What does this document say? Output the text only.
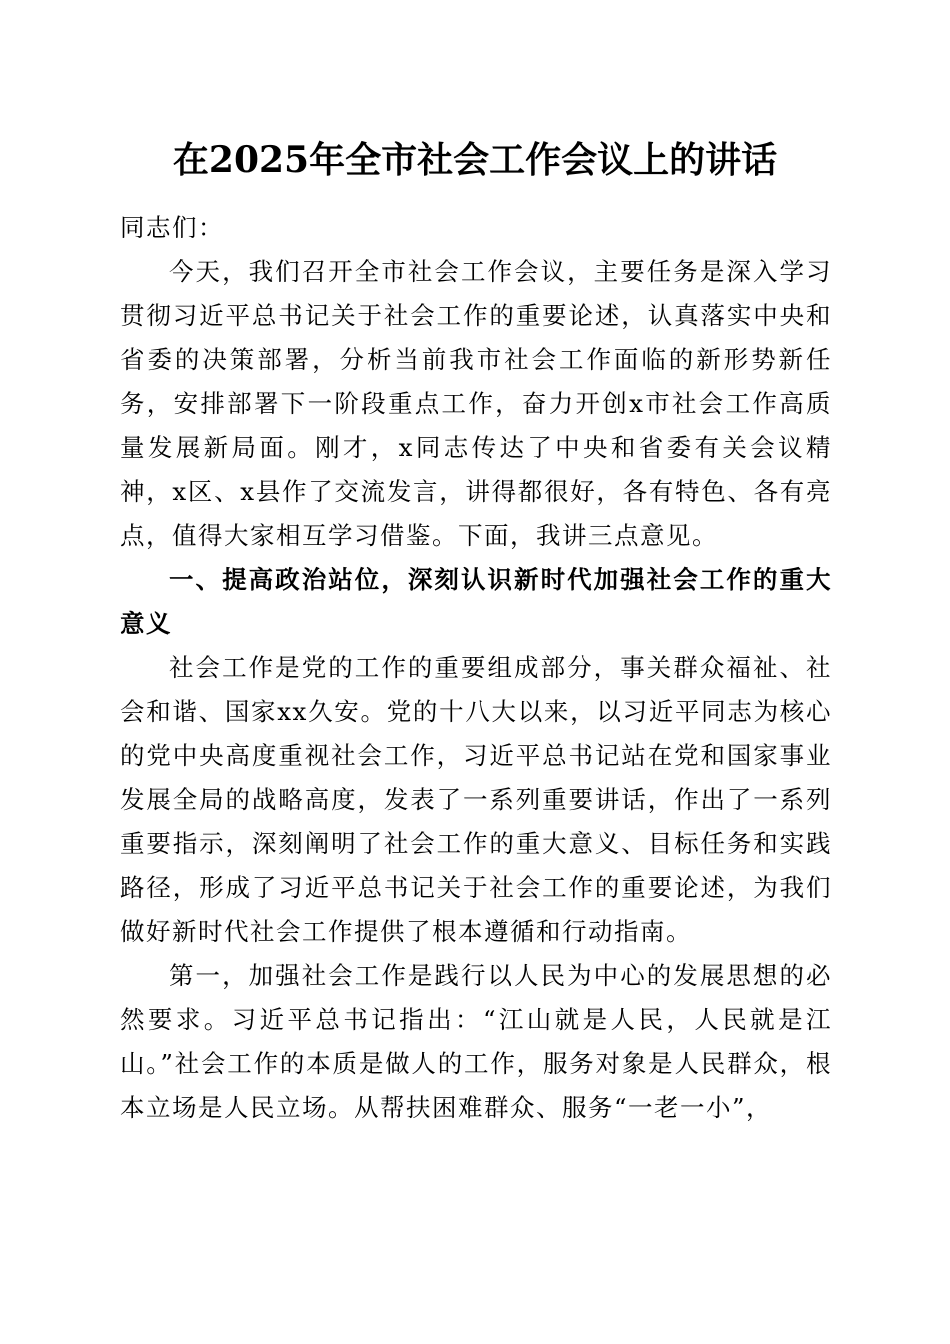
在2025年全市社会工作会议上的讲话

同志们：

今天，我们召开全市社会工作会议，主要任务是深入学习贯彻习近平总书记关于社会工作的重要论述，认真落实中央和省委的决策部署，分析当前我市社会工作面临的新形势新任务，安排部署下一阶段重点工作，奋力开创x市社会工作高质量发展新局面。刚才，x同志传达了中央和省委有关会议精神，x区、x县作了交流发言，讲得都很好，各有特色、各有亮点，值得大家相互学习借鉴。下面，我讲三点意见。

一、提高政治站位，深刻认识新时代加强社会工作的重大意义

社会工作是党的工作的重要组成部分，事关群众福祉、社会和谐、国家xx久安。党的十八大以来，以习近平同志为核心的党中央高度重视社会工作，习近平总书记站在党和国家事业发展全局的战略高度，发表了一系列重要讲话，作出了一系列重要指示，深刻阐明了社会工作的重大意义、目标任务和实践路径，形成了习近平总书记关于社会工作的重要论述，为我们做好新时代社会工作提供了根本遵循和行动指南。

第一，加强社会工作是践行以人民为中心的发展思想的必然要求。习近平总书记指出：“江山就是人民，人民就是江山。”社会工作的本质是做人的工作，服务对象是人民群众，根本立场是人民立场。从帮扶困难群众、服务“一老一小”，
